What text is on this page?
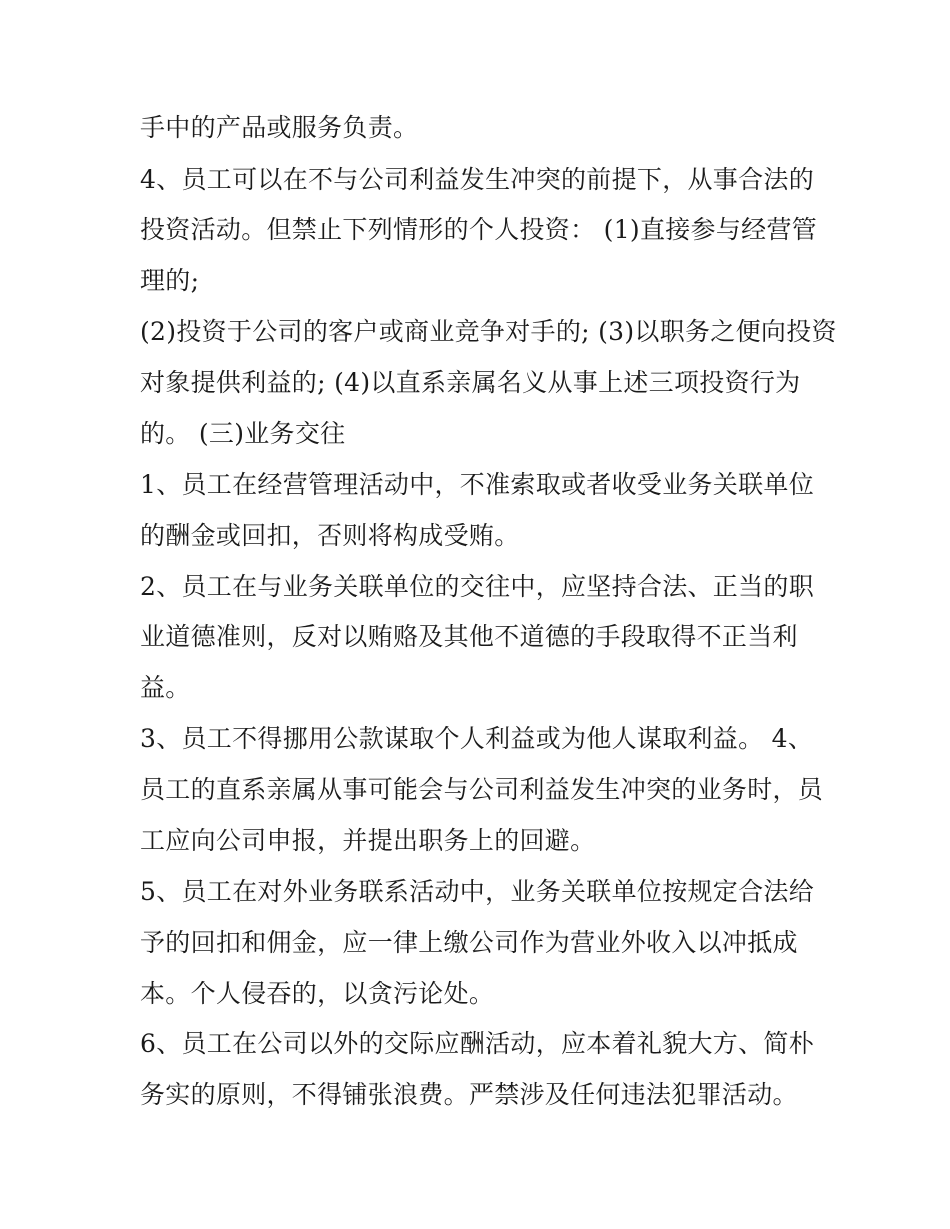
手中的产品或服务负责。
4、员工可以在不与公司利益发生冲突的前提下，从事合法的
投资活动。但禁止下列情形的个人投资： (1)直接参与经营管
理的;
(2)投资于公司的客户或商业竞争对手的; (3)以职务之便向投资
对象提供利益的; (4)以直系亲属名义从事上述三项投资行为
的。 (三)业务交往
1、员工在经营管理活动中，不准索取或者收受业务关联单位
的酬金或回扣，否则将构成受贿。
2、员工在与业务关联单位的交往中，应坚持合法、正当的职
业道德准则，反对以贿赂及其他不道德的手段取得不正当利
益。
3、员工不得挪用公款谋取个人利益或为他人谋取利益。 4、
员工的直系亲属从事可能会与公司利益发生冲突的业务时，员
工应向公司申报，并提出职务上的回避。
5、员工在对外业务联系活动中，业务关联单位按规定合法给
予的回扣和佣金，应一律上缴公司作为营业外收入以冲抵成
本。个人侵吞的，以贪污论处。
6、员工在公司以外的交际应酬活动，应本着礼貌大方、简朴
务实的原则，不得铺张浪费。严禁涉及任何违法犯罪活动。
